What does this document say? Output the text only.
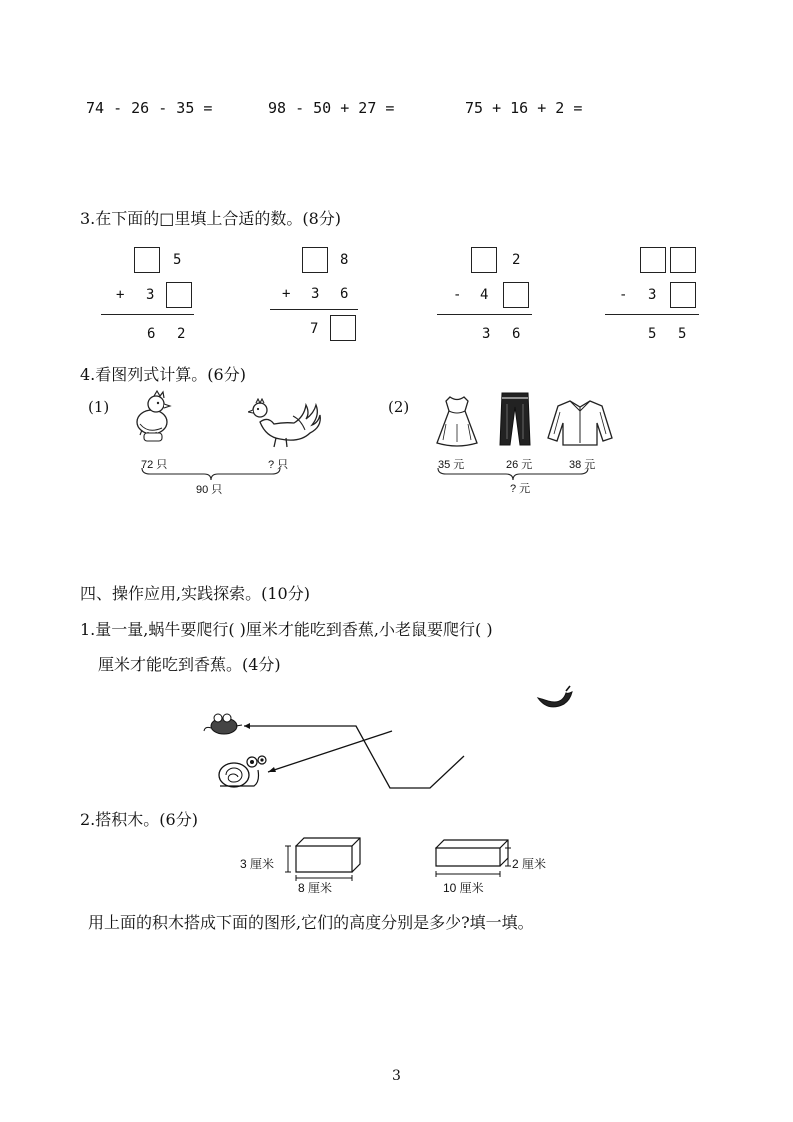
74 - 26 - 35 =	98 - 50 + 27 =	75 + 16 + 2 =
3.在下面的□里填上合适的数。(8分)
5
+ 3
6 2
8
+ 3 6
7
2
- 4
3 6
- 3
5 5
4.看图列式计算。(6分)
(1)
72 只	? 只
90 只
(2)
35 元	26 元	38 元
? 元
四、操作应用,实践探索。(10分)
1.量一量,蜗牛要爬行( )厘米才能吃到香蕉,小老鼠要爬行( )
厘米才能吃到香蕉。(4分)
2.搭积木。(6分)
3 厘米
8 厘米
2 厘米
10 厘米
用上面的积木搭成下面的图形,它们的高度分别是多少?填一填。
3
